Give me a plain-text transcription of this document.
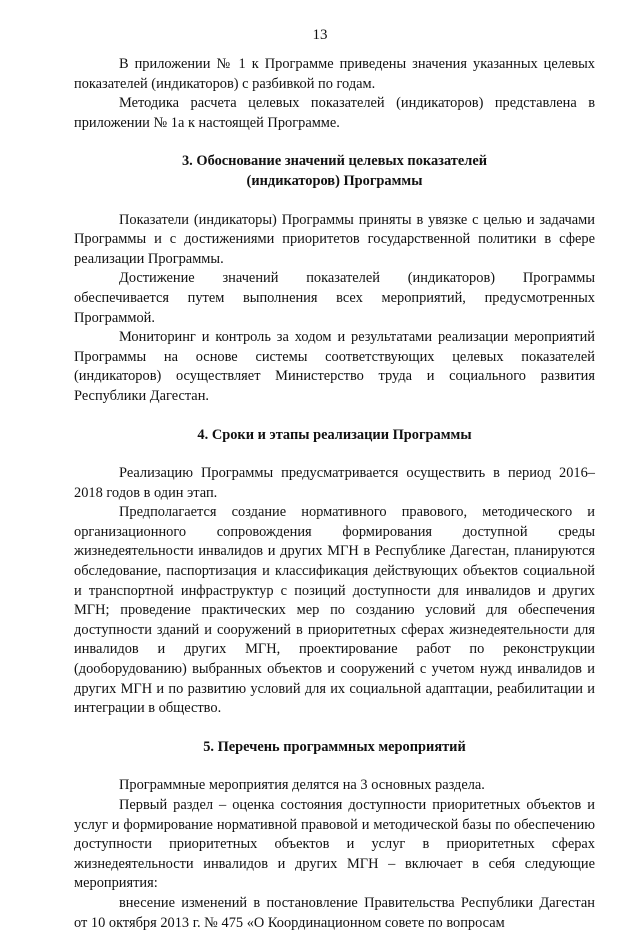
13

В приложении № 1 к Программе приведены значения указанных целевых показателей (индикаторов) с разбивкой по годам.

Методика расчета целевых показателей (индикаторов) представлена в приложении № 1а к настоящей Программе.

3. Обоснование значений целевых показателей
(индикаторов) Программы

Показатели (индикаторы) Программы приняты в увязке с целью и задачами Программы и с достижениями приоритетов государственной политики в сфере реализации Программы.

Достижение значений показателей (индикаторов) Программы обеспечивается путем выполнения всех мероприятий, предусмотренных Программой.

Мониторинг и контроль за ходом и результатами реализации мероприятий Программы на основе системы соответствующих целевых показателей (индикаторов) осуществляет Министерство труда и социального развития Республики Дагестан.

4. Сроки и этапы реализации Программы

Реализацию Программы предусматривается осуществить в период 2016–2018 годов в один этап.

Предполагается создание нормативного правового, методического и организационного сопровождения формирования доступной среды жизнедеятельности инвалидов и других МГН в Республике Дагестан, планируются обследование, паспортизация и классификация действующих объектов социальной и транспортной инфраструктур с позиций доступности для инвалидов и других МГН; проведение практических мер по созданию условий для обеспечения доступности зданий и сооружений в приоритетных сферах жизнедеятельности для инвалидов и других МГН, проектирование работ по реконструкции (дооборудованию) выбранных объектов и сооружений с учетом нужд инвалидов и других МГН и по развитию условий для их социальной адаптации, реабилитации и интеграции в общество.

5. Перечень программных мероприятий

Программные мероприятия делятся на 3 основных раздела.

Первый раздел – оценка состояния доступности приоритетных объектов и услуг и формирование нормативной правовой и методической базы по обеспечению доступности приоритетных объектов и услуг в приоритетных сферах жизнедеятельности инвалидов и других МГН – включает в себя следующие мероприятия:

внесение изменений в постановление Правительства Республики Дагестан от 10 октября 2013 г. № 475 «О Координационном совете по вопросам
